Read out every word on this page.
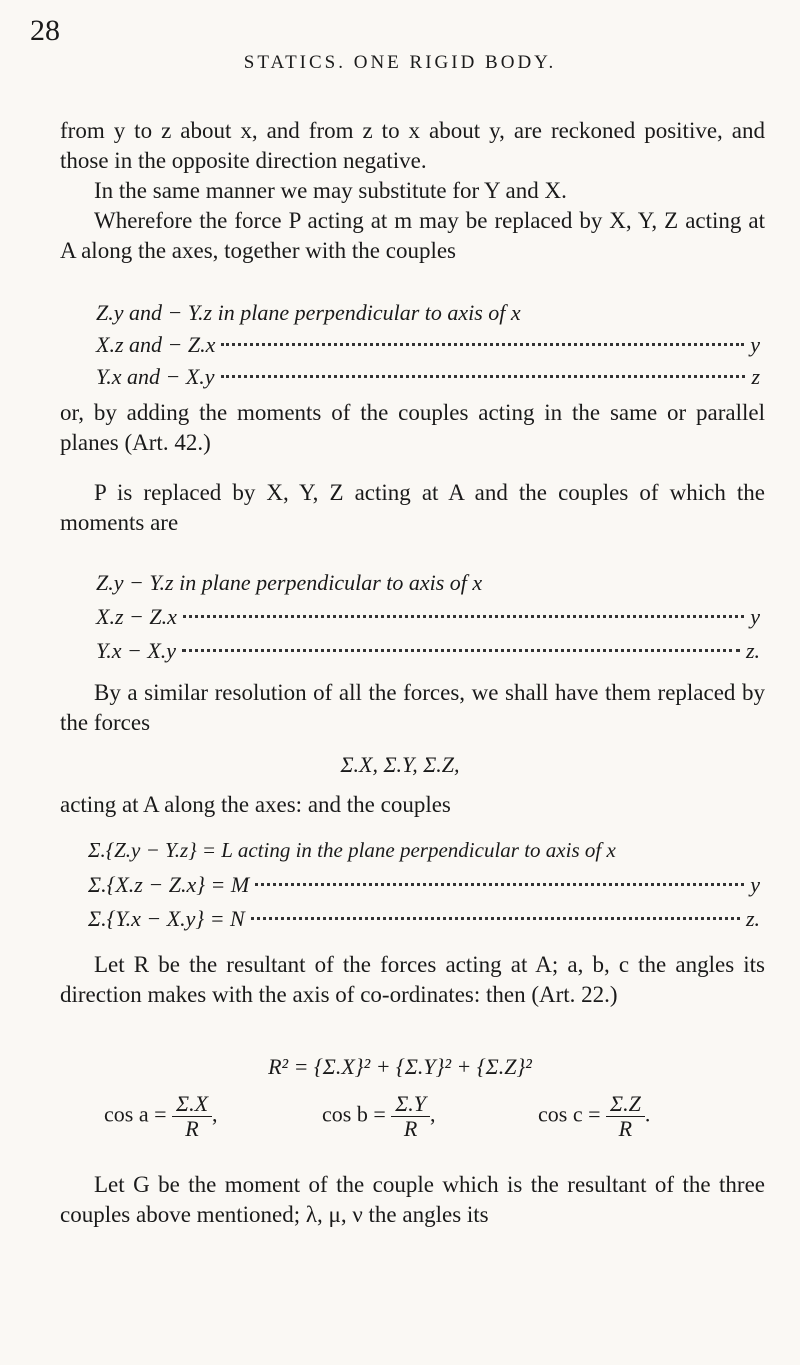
28
STATICS. ONE RIGID BODY.
from y to z about x, and from z to x about y, are reckoned positive, and those in the opposite direction negative.
In the same manner we may substitute for Y and X.
Wherefore the force P acting at m may be replaced by X, Y, Z acting at A along the axes, together with the couples
Z.y and − Y.z in plane perpendicular to axis of x
X.z and − Z.x	y
Y.x and − X.y	z
or, by adding the moments of the couples acting in the same or parallel planes (Art. 42.)
P is replaced by X, Y, Z acting at A and the couples of which the moments are
Z.y − Y.z in plane perpendicular to axis of x
X.z − Z.x	y
Y.x − X.y	z.
By a similar resolution of all the forces, we shall have them replaced by the forces
Σ.X, Σ.Y, Σ.Z,
acting at A along the axes: and the couples
Σ.{Z.y − Y.z} = L acting in the plane perpendicular to axis of x
Σ.{X.z − Z.x} = M	y
Σ.{Y.x − X.y} = N	z.
Let R be the resultant of the forces acting at A; a, b, c the angles its direction makes with the axis of co-ordinates: then (Art. 22.)
R² = {Σ.X}² + {Σ.Y}² + {Σ.Z}²
$\cos a = \frac{\Sigma.X}{R}$ ,	$\cos b = \frac{\Sigma.Y}{R}$ ,	$\cos c = \frac{\Sigma.Z}{R}$ .
Let G be the moment of the couple which is the resultant of the three couples above mentioned; λ, μ, ν the angles its
